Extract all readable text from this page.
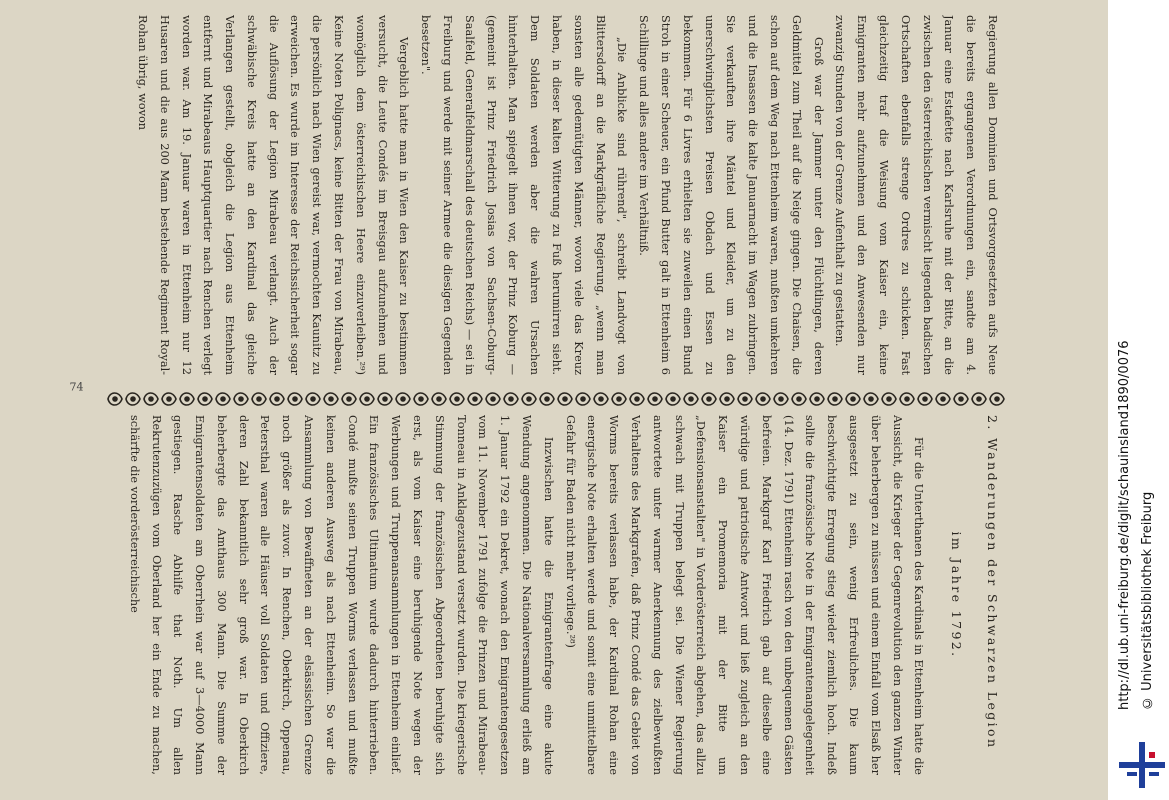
2. Wanderungen der Schwarzen Legion
im Jahre 1792.

Für die Unterthanen des Kardinals in Ettenheim hatte die Aussicht, die Krieger der Gegenrevolution den ganzen Winter über beherbergen zu müssen und einem Einfall vom Elsaß her ausgesetzt zu sein, wenig Erfreuliches. Die kaum beschwichtigte Erregung stieg wieder ziemlich hoch. Indeß sollte die französische Note in der Emigrantenangelegenheit (14. Dez. 1791) Ettenheim rasch von den unbequemen Gästen befreien. Markgraf Karl Friedrich gab auf dieselbe eine würdige und patriotische Antwort und ließ zugleich an den Kaiser ein Promemoria mit der Bitte um „Defensionsanstalten" in Vorderösterreich abgehen, das allzu schwach mit Truppen belegt sei. Die Wiener Regierung antwortete unter warmer Anerkennung des zielbewußten Verhaltens des Markgrafen, daß Prinz Condé das Gebiet von Worms bereits verlassen habe, der Kardinal Rohan eine energische Note erhalten werde und somit eine unmittelbare Gefahr für Baden nicht mehr vorliege.²⁸)

Inzwischen hatte die Emigrantenfrage eine akute Wendung angenommen. Die Nationalversammlung erließ am 1. Januar 1792 ein Dekret, wonach den Emigrantengesetzen vom 11. November 1791 zufolge die Prinzen und Mirabeau-Tonneau in Anklagezustand versetzt wurden. Die kriegerische Stimmung der französischen Abgeordneten beruhigte sich erst, als vom Kaiser eine beruhigende Note wegen der Werbungen und Truppenansammlungen in Ettenheim einlief. Ein französisches Ultimatum wurde dadurch hinterrieben. Condé mußte seinen Truppen Worms verlassen und mußte keinen anderen Ausweg als nach Ettenheim. So war die Ansammlung von Bewaffneten an der elsässischen Grenze noch größer als zuvor. In Renchen, Oberkirch, Oppenau, Petersthal waren alle Häuser voll Soldaten und Offiziere, deren Zahl bekanntlich sehr groß war. In Oberkirch beherbergte das Amthaus 300 Mann. Die Summe der Emigrantensoldaten am Oberrhein war auf 3—4000 Mann gestiegen. Rasche Abhilfe that Noth. Um allen Rekrutenzuzügen vom Oberland her ein Ende zu machen, schärfte die vorderösterreichische

Regierung allen Dominien und Ortsvorgesetzten aufs Neue die bereits ergangenen Verordnungen ein, sandte am 4. Januar eine Estafette nach Karlsruhe mit der Bitte, an die zwischen den österreichischen vermischt liegenden badischen Ortschaften ebenfalls strenge Ordres zu schicken. Fast gleichzeitig traf die Weisung vom Kaiser ein, keine Emigranten mehr aufzunehmen und den Anwesenden nur zwanzig Stunden von der Grenze Aufenthalt zu gestatten.

Groß war der Jammer unter den Flüchtlingen, deren Geldmittel zum Theil auf die Neige gingen. Die Chaisen, die schon auf dem Weg nach Ettenheim waren, mußten umkehren und die Insassen die kalte Januarnacht im Wagen zubringen. Sie verkauften ihre Mäntel und Kleider, um zu den unerschwinglichsten Preisen Obdach und Essen zu bekommen. Für 6 Livres erhielten sie zuweilen einen Bund Stroh in einer Scheuer, ein Pfund Butter galt in Ettenheim 6 Schillinge und alles andere im Verhältniß.

„Die Anblicke sind rührend", schreibt Landvogt von Blittersdorff an die Markgräfliche Regierung, „wenn man sonsten alle gedemütigten Männer, wovon viele das Kreuz haben, in dieser kalten Witterung zu Fuß herumirren sieht. Dem Soldaten werden aber die wahren Ursachen hinterhalten. Man spiegelt ihnen vor, der Prinz Koburg — (gemeint ist Prinz Friedrich Josias von Sachsen-Coburg-Saalfeld, Generalfeldmarschall des deutschen Reichs) — sei in Freiburg und werde mit seiner Armee die diesigen Gegenden besetzen".

Vergeblich hatte man in Wien den Kaiser zu bestimmen versucht, die Leute Condés im Breisgau aufzunehmen und womöglich dem österreichischen Heere einzuverleiben.²⁹) Keine Noten Polignacs, keine Bitten der Frau von Mirabeau, die persönlich nach Wien gereist war, vermochten Kaunitz zu erweichen. Es wurde im Interesse der Reichssicherheit sogar die Auflösung der Legion Mirabeau verlangt. Auch der schwäbische Kreis hatte an den Kardinal das gleiche Verlangen gestellt, obgleich die Legion aus Ettenheim entfernt und Mirabeaus Hauptquartier nach Renchen verlegt worden war. Am 19. Januar waren in Ettenheim nur 12 Husaren und die aus 200 Mann bestehende Regiment Royal-Rohan übrig, wovon

74	http://dl.ub.uni-freiburg.de/diglit/schauinsland1890/0076 © Universitätsbibliothek Freiburg
